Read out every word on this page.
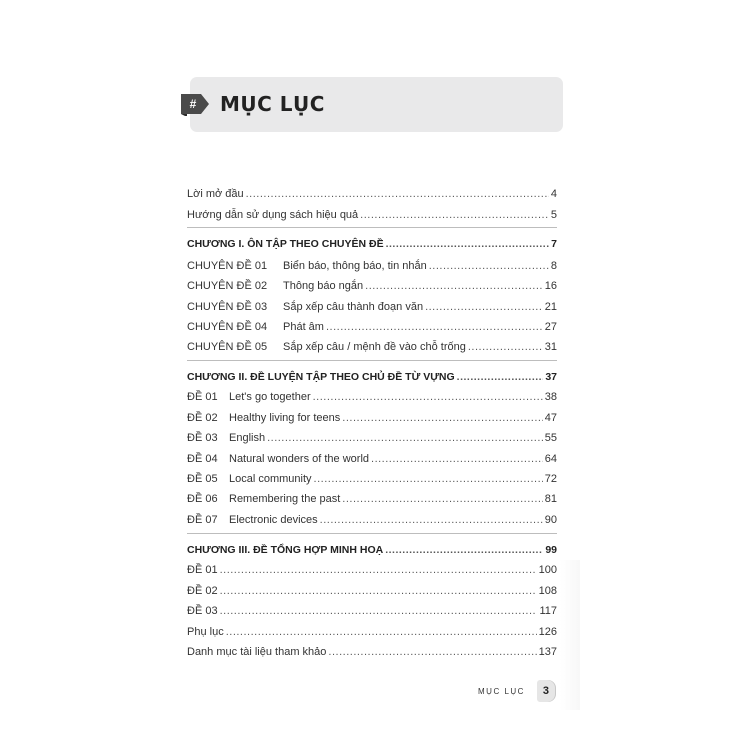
#	MỤC LỤC
Lời mở đầu .....	4
Hướng dẫn sử dụng sách hiệu quả .....	5
CHƯƠNG I. ÔN TẬP THEO CHUYÊN ĐỀ .....	7
CHUYÊN ĐỀ 01	Biển báo, thông báo, tin nhắn .....	8
CHUYÊN ĐỀ 02	Thông báo ngắn .....	16
CHUYÊN ĐỀ 03	Sắp xếp câu thành đoạn văn .....	21
CHUYÊN ĐỀ 04	Phát âm .....	27
CHUYÊN ĐỀ 05	Sắp xếp câu / mệnh đề vào chỗ trống .....	31
CHƯƠNG II. ĐỀ LUYỆN TẬP THEO CHỦ ĐỀ TỪ VỰNG .....	37
ĐỀ 01	Let's go together .....	38
ĐỀ 02	Healthy living for teens .....	47
ĐỀ 03	English .....	55
ĐỀ 04	Natural wonders of the world .....	64
ĐỀ 05	Local community .....	72
ĐỀ 06	Remembering the past .....	81
ĐỀ 07	Electronic devices .....	90
CHƯƠNG III. ĐỀ TỔNG HỢP MINH HOẠ .....	99
ĐỀ 01 .....	100
ĐỀ 02 .....	108
ĐỀ 03 .....	117
Phụ lục .....	126
Danh mục tài liệu tham khảo .....	137
MỤC LỤC	3
